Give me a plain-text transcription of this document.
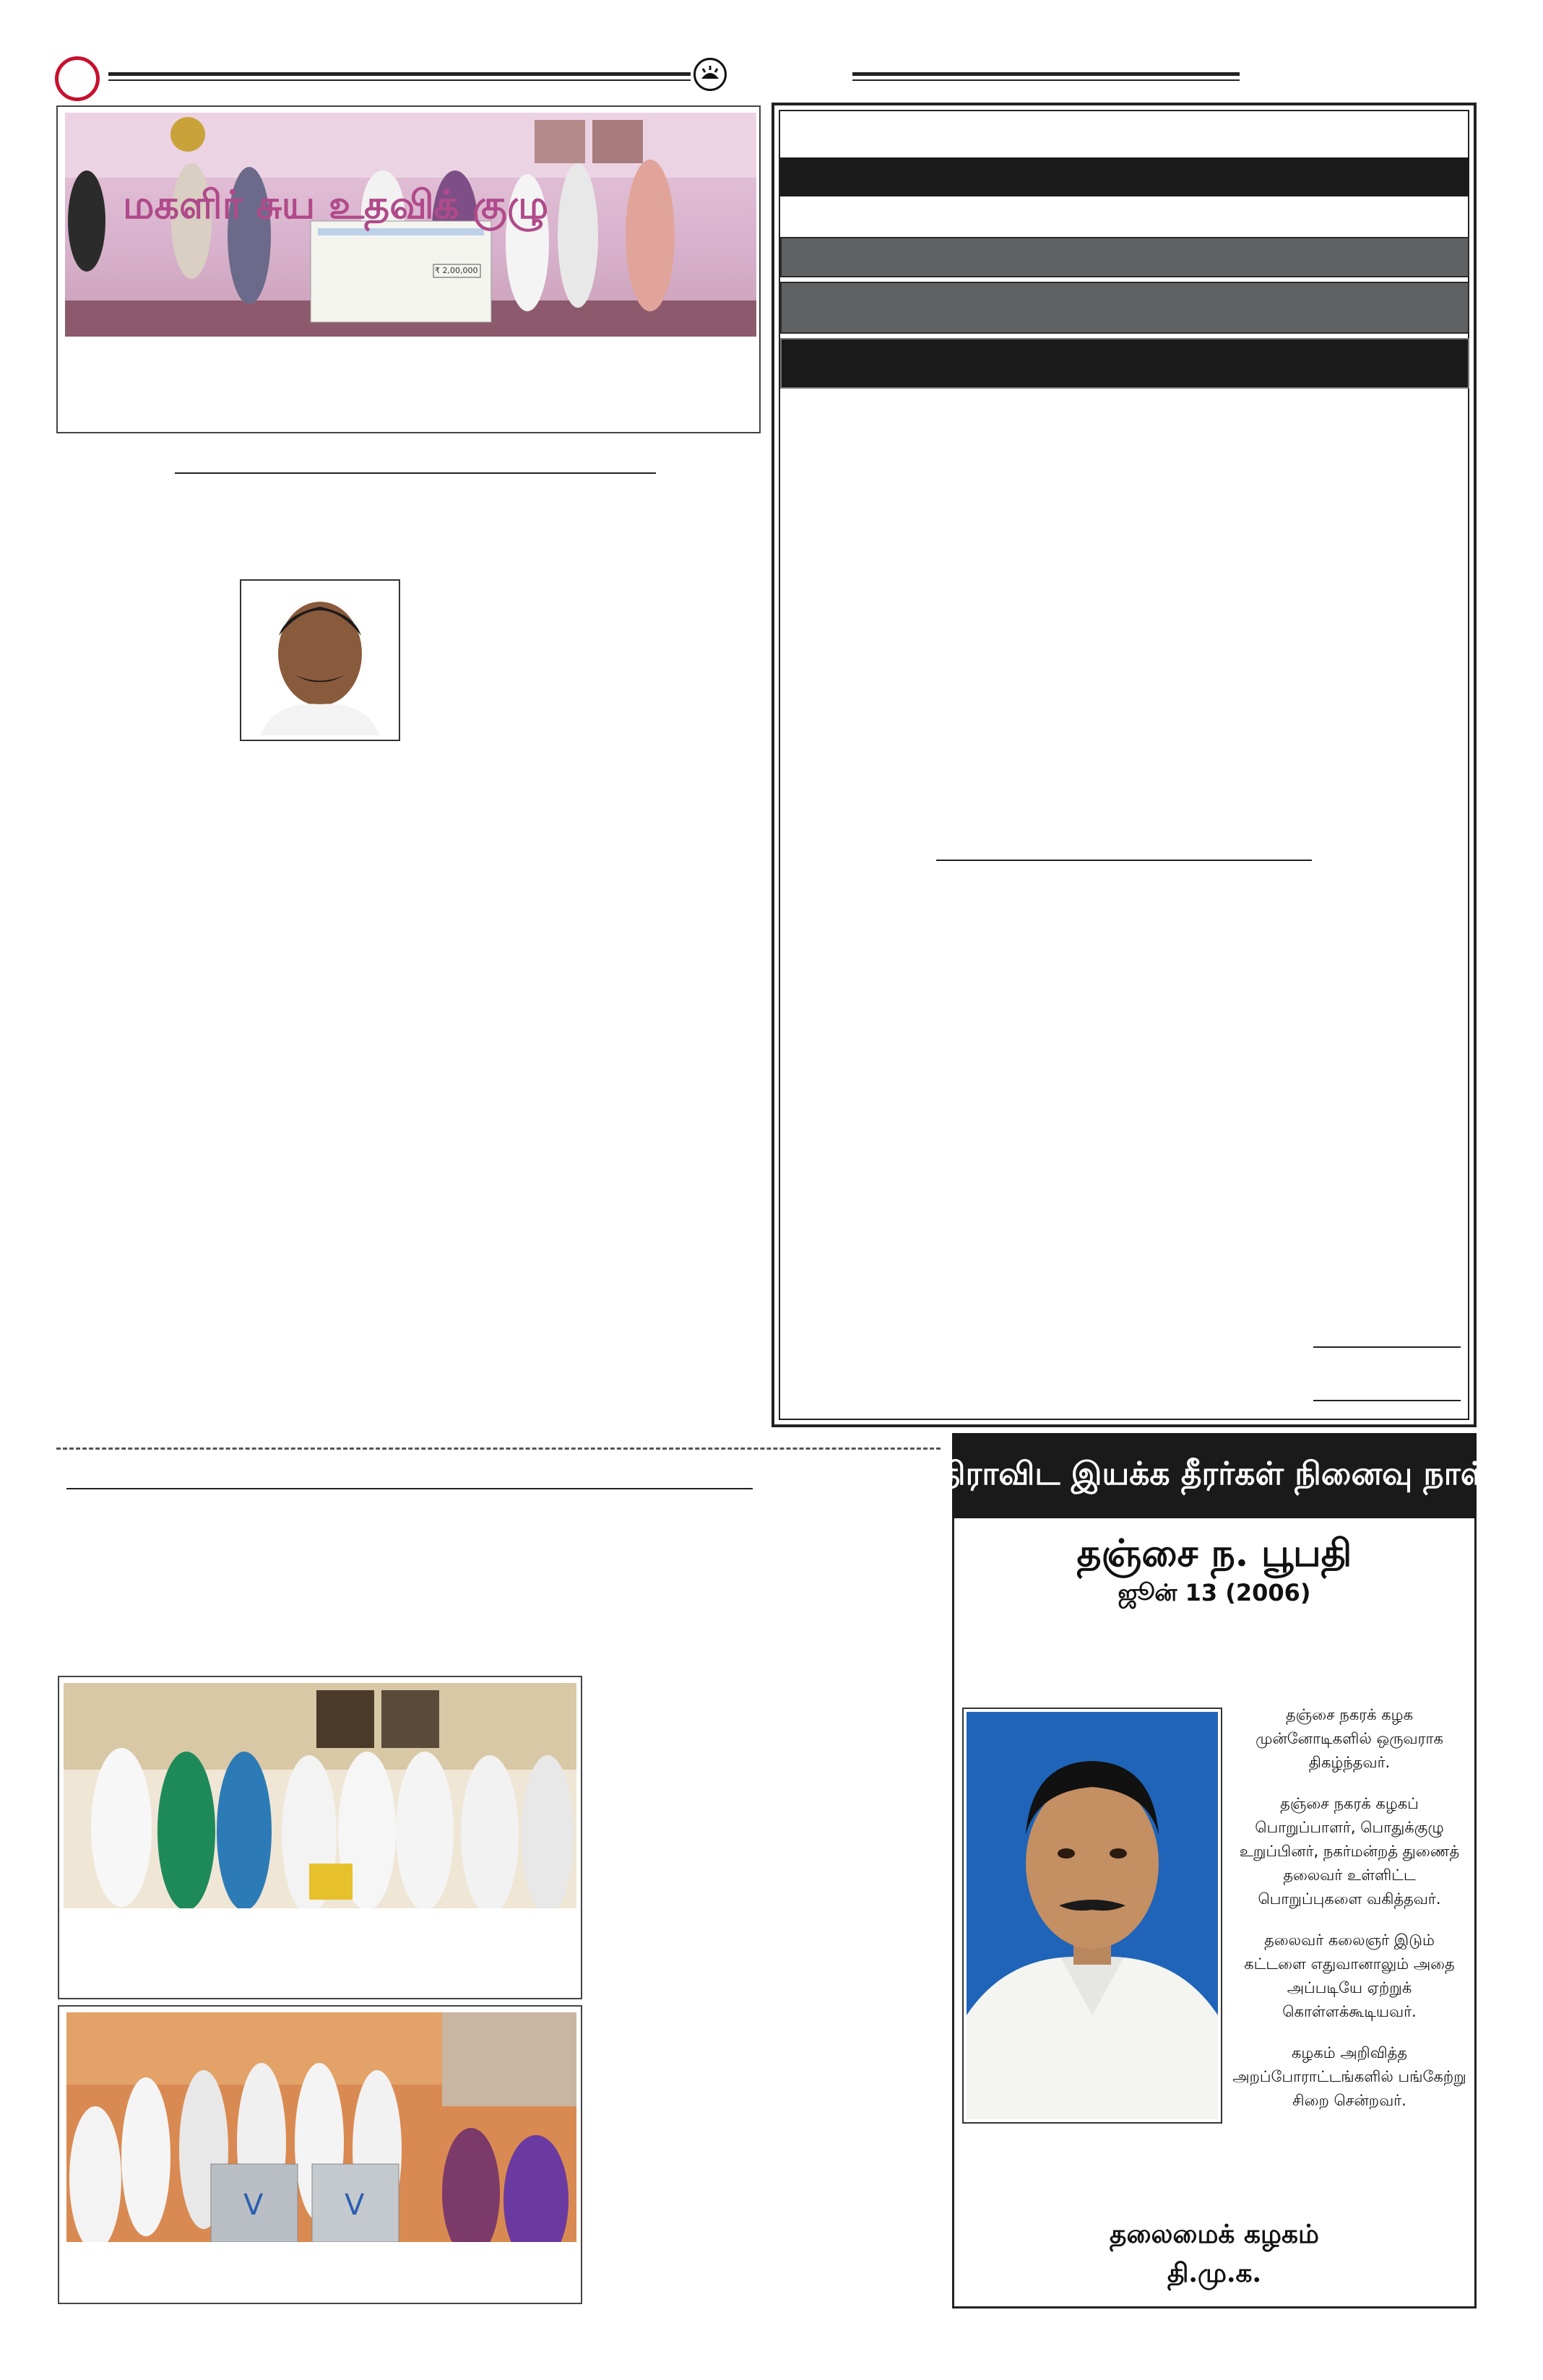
மகளிர் சுய உதவிக் குழு
₹ 2,00,000
V	V
திராவிட இயக்க தீரர்கள் நினைவு நாள்
தஞ்சை ந. பூபதி
ஜூன் 13 (2006)

தஞ்சை நகரக் கழக முன்னோடிகளில் ஒருவராக திகழ்ந்தவர்.

தஞ்சை நகரக் கழகப் பொறுப்பாளர், பொதுக்குழு உறுப்பினர், நகர்மன்றத் துணைத் தலைவர் உள்ளிட்ட பொறுப்புகளை வகித்தவர்.

தலைவர் கலைஞர் இடும் கட்டளை எதுவானாலும் அதை அப்படியே ஏற்றுக் கொள்ளக்கூடியவர்.

கழகம் அறிவித்த அறப்போராட்டங்களில் பங்கேற்று சிறை சென்றவர்.

தலைமைக் கழகம்
தி.மு.க.
